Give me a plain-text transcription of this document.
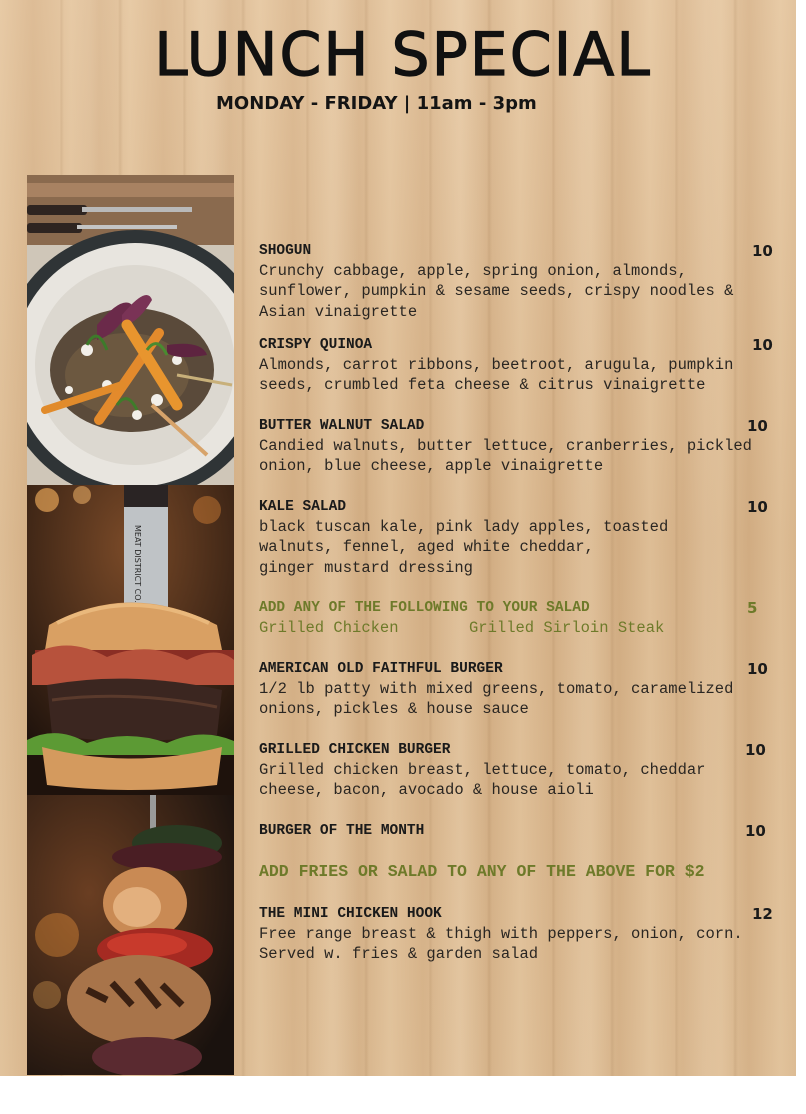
LUNCH SPECIAL
MONDAY - FRIDAY | 11am - 3pm
MEAT DISTRICT CO.
SHOGUN	10
Crunchy cabbage, apple, spring onion, almonds, sunflower, pumpkin & sesame seeds, crispy noodles & Asian vinaigrette
CRISPY QUINOA	10
Almonds, carrot ribbons, beetroot, arugula, pumpkin seeds, crumbled feta cheese & citrus vinaigrette
BUTTER WALNUT SALAD	10
Candied walnuts, butter lettuce, cranberries, pickled onion, blue cheese, apple vinaigrette
KALE SALAD	10
black tuscan kale, pink lady apples, toasted
walnuts, fennel, aged white cheddar,
ginger mustard dressing
ADD ANY OF THE FOLLOWING TO YOUR SALAD	5
Grilled Chicken	Grilled Sirloin Steak
AMERICAN OLD FAITHFUL BURGER	10
1/2 lb patty with mixed greens, tomato, caramelized onions, pickles & house sauce
GRILLED CHICKEN BURGER	10
Grilled chicken breast, lettuce, tomato, cheddar cheese, bacon, avocado & house aioli
BURGER OF THE MONTH	10
ADD FRIES OR SALAD TO ANY OF THE ABOVE FOR $2
THE MINI CHICKEN HOOK	12
Free range breast & thigh with peppers, onion, corn. Served w. fries & garden salad
